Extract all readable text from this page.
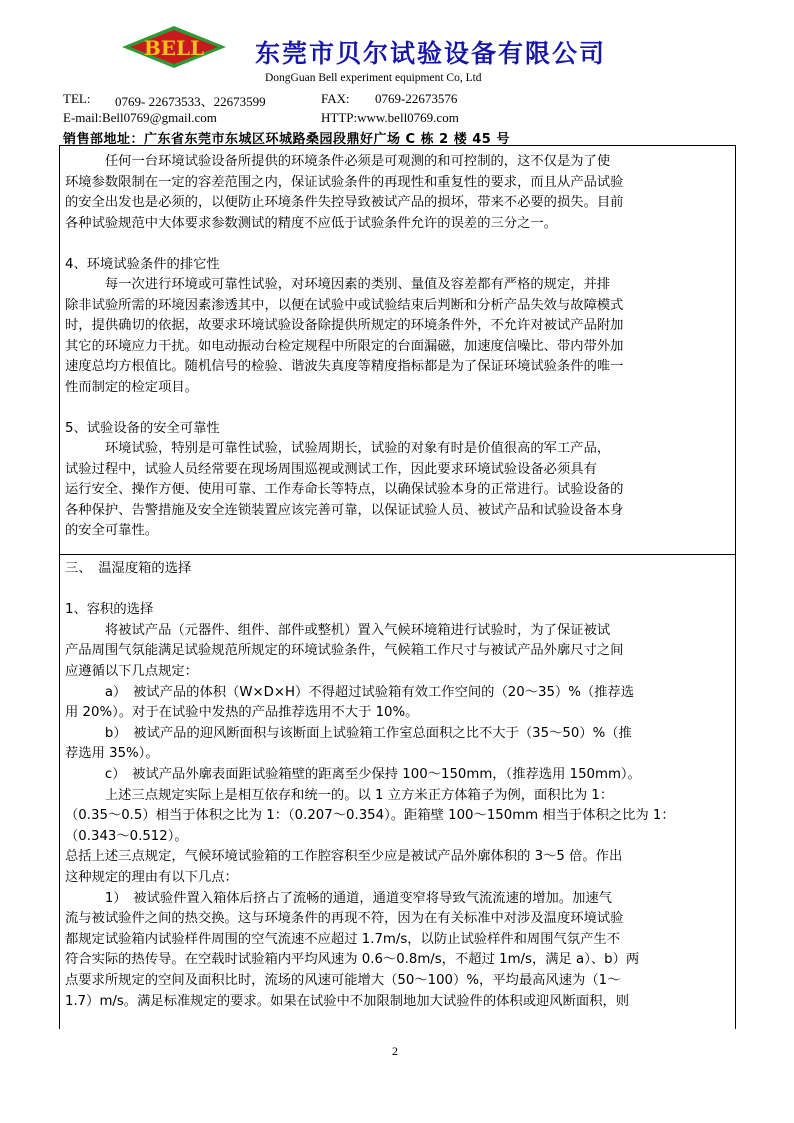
BELL 东莞市贝尔试验设备有限公司
DongGuan Bell experiment equipment Co, Ltd
TEL: 0769- 22673533、22673599	FAX: 0769-22673576
E-mail:Bell0769@gmail.com	HTTP:www.bell0769.com
销售部地址：广东省东莞市东城区环城路桑园段鼎好广场 C 栋 2 楼 45 号
　　　任何一台环境试验设备所提供的环境条件必须是可观测的和可控制的，这不仅是为了使
环境参数限制在一定的容差范围之内，保证试验条件的再现性和重复性的要求，而且从产品试验
的安全出发也是必须的，以便防止环境条件失控导致被试产品的损坏，带来不必要的损失。目前
各种试验规范中大体要求参数测试的精度不应低于试验条件允许的误差的三分之一。
4、环境试验条件的排它性
　　　每一次进行环境或可靠性试验，对环境因素的类别、量值及容差都有严格的规定，并排
除非试验所需的环境因素渗透其中，以便在试验中或试验结束后判断和分析产品失效与故障模式
时，提供确切的依据，故要求环境试验设备除提供所规定的环境条件外，不允许对被试产品附加
其它的环境应力干扰。如电动振动台检定规程中所限定的台面漏磁，加速度信噪比、带内带外加
速度总均方根值比。随机信号的检验、谐波失真度等精度指标都是为了保证环境试验条件的唯一
性而制定的检定项目。
5、试验设备的安全可靠性
　　　环境试验，特别是可靠性试验，试验周期长，试验的对象有时是价值很高的军工产品，
试验过程中，试验人员经常要在现场周围巡视或测试工作，因此要求环境试验设备必须具有
运行安全、操作方便、使用可靠、工作寿命长等特点，以确保试验本身的正常进行。试验设备的
各种保护、告警措施及安全连锁装置应该完善可靠，以保证试验人员、被试产品和试验设备本身
的安全可靠性。
三、　温湿度箱的选择
1、容积的选择
　　　将被试产品（元器件、组件、部件或整机）置入气候环境箱进行试验时，为了保证被试
产品周围气氛能满足试验规范所规定的环境试验条件，气候箱工作尺寸与被试产品外廓尺寸之间
应遵循以下几点规定：
　　　a）　被试产品的体积（W×D×H）不得超过试验箱有效工作空间的（20～35）%（推荐选
用 20%）。对于在试验中发热的产品推荐选用不大于 10%。
　　　b）　被试产品的迎风断面积与该断面上试验箱工作室总面积之比不大于（35～50）%（推
荐选用 35%）。
　　　c）　被试产品外廓表面距试验箱壁的距离至少保持 100～150mm，（推荐选用 150mm）。
　　　上述三点规定实际上是相互依存和统一的。以 1 立方米正方体箱子为例，面积比为 1：
（0.35～0.5）相当于体积之比为 1：（0.207～0.354）。距箱壁 100～150mm 相当于体积之比为 1：
（0.343～0.512）。
总括上述三点规定，气候环境试验箱的工作腔容积至少应是被试产品外廓体积的 3～5 倍。作出
这种规定的理由有以下几点：
　　　1）　被试验件置入箱体后挤占了流畅的通道，通道变窄将导致气流流速的增加。加速气
流与被试验件之间的热交换。这与环境条件的再现不符，因为在有关标准中对涉及温度环境试验
都规定试验箱内试验样件周围的空气流速不应超过 1.7m/s，以防止试验样件和周围气氛产生不
符合实际的热传导。在空载时试验箱内平均风速为 0.6～0.8m/s，不超过 1m/s，满足 a）、b）两
点要求所规定的空间及面积比时，流场的风速可能增大（50～100）%，平均最高风速为（1～
1.7）m/s。满足标准规定的要求。如果在试验中不加限制地加大试验件的体积或迎风断面积，则
2
